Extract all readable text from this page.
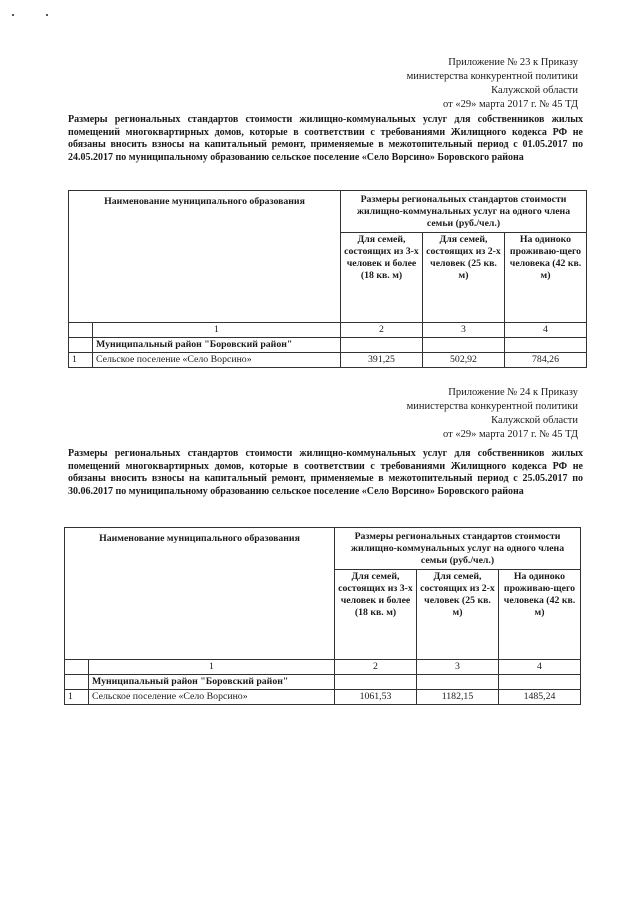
Приложение № 23 к Приказу
министерства конкурентной политики
Калужской области
от «29» марта 2017 г. № 45 ТД
Размеры региональных стандартов стоимости жилищно-коммунальных услуг для собственников жилых помещений многоквартирных домов, которые в соответствии с требованиями Жилищного кодекса РФ не обязаны вносить взносы на капитальный ремонт, применяемые в межотопительный период с 01.05.2017 по 24.05.2017 по муниципальному образованию сельское поселение «Село Ворсино» Боровского района
Наименование муниципального образования		Размеры региональных стандартов стоимости жилищно-коммунальных услуг на одного члена семьи (руб./чел.)		
		Для семей, состоящих из 3-х человек и более (18 кв. м)	Для семей, состоящих из 2-х человек (25 кв. м)	На одиноко проживаю-щего человека (42 кв. м)
	1	2	3	4
	Муниципальный район "Боровский район"			
1	Сельское поселение «Село Ворсино»	391,25	502,92	784,26
Приложение № 24 к Приказу
министерства конкурентной политики
Калужской области
от «29» марта 2017 г. № 45 ТД
Размеры региональных стандартов стоимости жилищно-коммунальных услуг для собственников жилых помещений многоквартирных домов, которые в соответствии с требованиями Жилищного кодекса РФ не обязаны вносить взносы на капитальный ремонт, применяемые в межотопительный период с 25.05.2017 по 30.06.2017 по муниципальному образованию сельское поселение «Село Ворсино» Боровского района
Наименование муниципального образования		Размеры региональных стандартов стоимости жилищно-коммунальных услуг на одного члена семьи (руб./чел.)		
		Для семей, состоящих из 3-х человек и более (18 кв. м)	Для семей, состоящих из 2-х человек (25 кв. м)	На одиноко проживаю-щего человека (42 кв. м)
	1	2	3	4
	Муниципальный район "Боровский район"			
1	Сельское поселение «Село Ворсино»	1061,53	1182,15	1485,24
